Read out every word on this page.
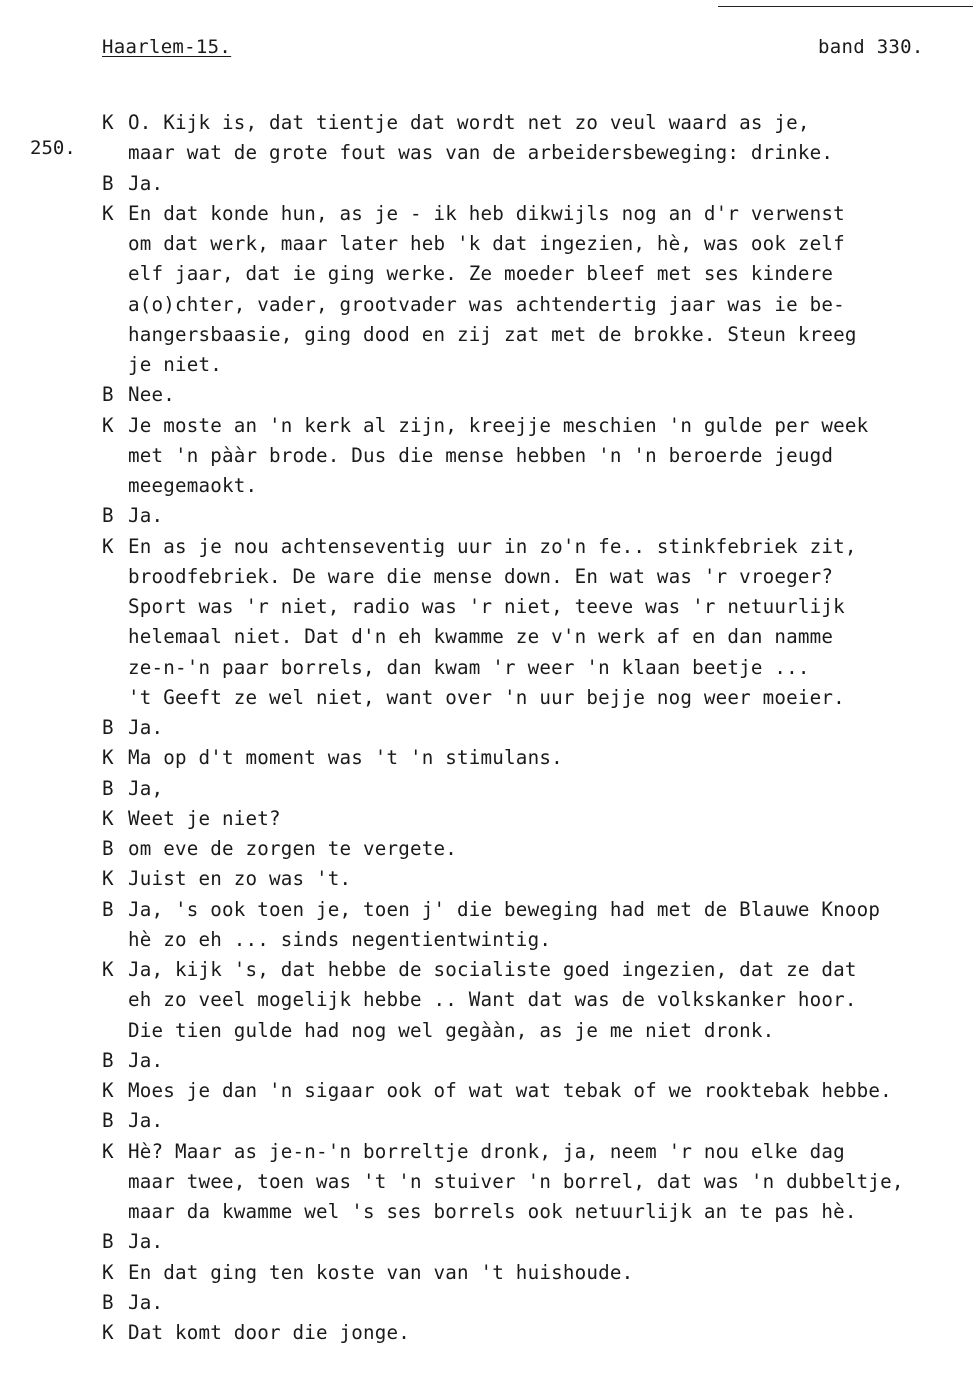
Haarlem-15.	band 330.
250.
K O. Kijk is, dat tientje dat wordt net zo veul waard as je,
maar wat de grote fout was van de arbeidersbeweging: drinke.
B Ja.
K En dat konde hun, as je - ik heb dikwijls nog an d'r verwenst
om dat werk, maar later heb 'k dat ingezien, hè, was ook zelf
elf jaar, dat ie ging werke. Ze moeder bleef met ses kindere
a(o)chter, vader, grootvader was achtendertig jaar was ie be-
hangersbaasie, ging dood en zij zat met de brokke. Steun kreeg
je niet.
B Nee.
K Je moste an 'n kerk al zijn, kreejje meschien 'n gulde per week
met 'n pààr brode. Dus die mense hebben 'n 'n beroerde jeugd
meegemaokt.
B Ja.
K En as je nou achtenseventig uur in zo'n fe.. stinkfebriek zit,
broodfebriek. De ware die mense down. En wat was 'r vroeger?
Sport was 'r niet, radio was 'r niet, teeve was 'r netuurlijk
helemaal niet. Dat d'n eh kwamme ze v'n werk af en dan namme
ze-n-'n paar borrels, dan kwam 'r weer 'n klaan beetje ...
't Geeft ze wel niet, want over 'n uur bejje nog weer moeier.
B Ja.
K Ma op d't moment was 't 'n stimulans.
B Ja,
K Weet je niet?
B om eve de zorgen te vergete.
K Juist en zo was 't.
B Ja, 's ook toen je, toen j' die beweging had met de Blauwe Knoop
hè zo eh ... sinds negentientwintig.
K Ja, kijk 's, dat hebbe de socialiste goed ingezien, dat ze dat
eh zo veel mogelijk hebbe .. Want dat was de volkskanker hoor.
Die tien gulde had nog wel gegààn, as je me niet dronk.
B Ja.
K Moes je dan 'n sigaar ook of wat wat tebak of we rooktebak hebbe.
B Ja.
K Hè? Maar as je-n-'n borreltje dronk, ja, neem 'r nou elke dag
maar twee, toen was 't 'n stuiver 'n borrel, dat was 'n dubbeltje,
maar da kwamme wel 's ses borrels ook netuurlijk an te pas hè.
B Ja.
K En dat ging ten koste van van 't huishoude.
B Ja.
K Dat komt door die jonge.
